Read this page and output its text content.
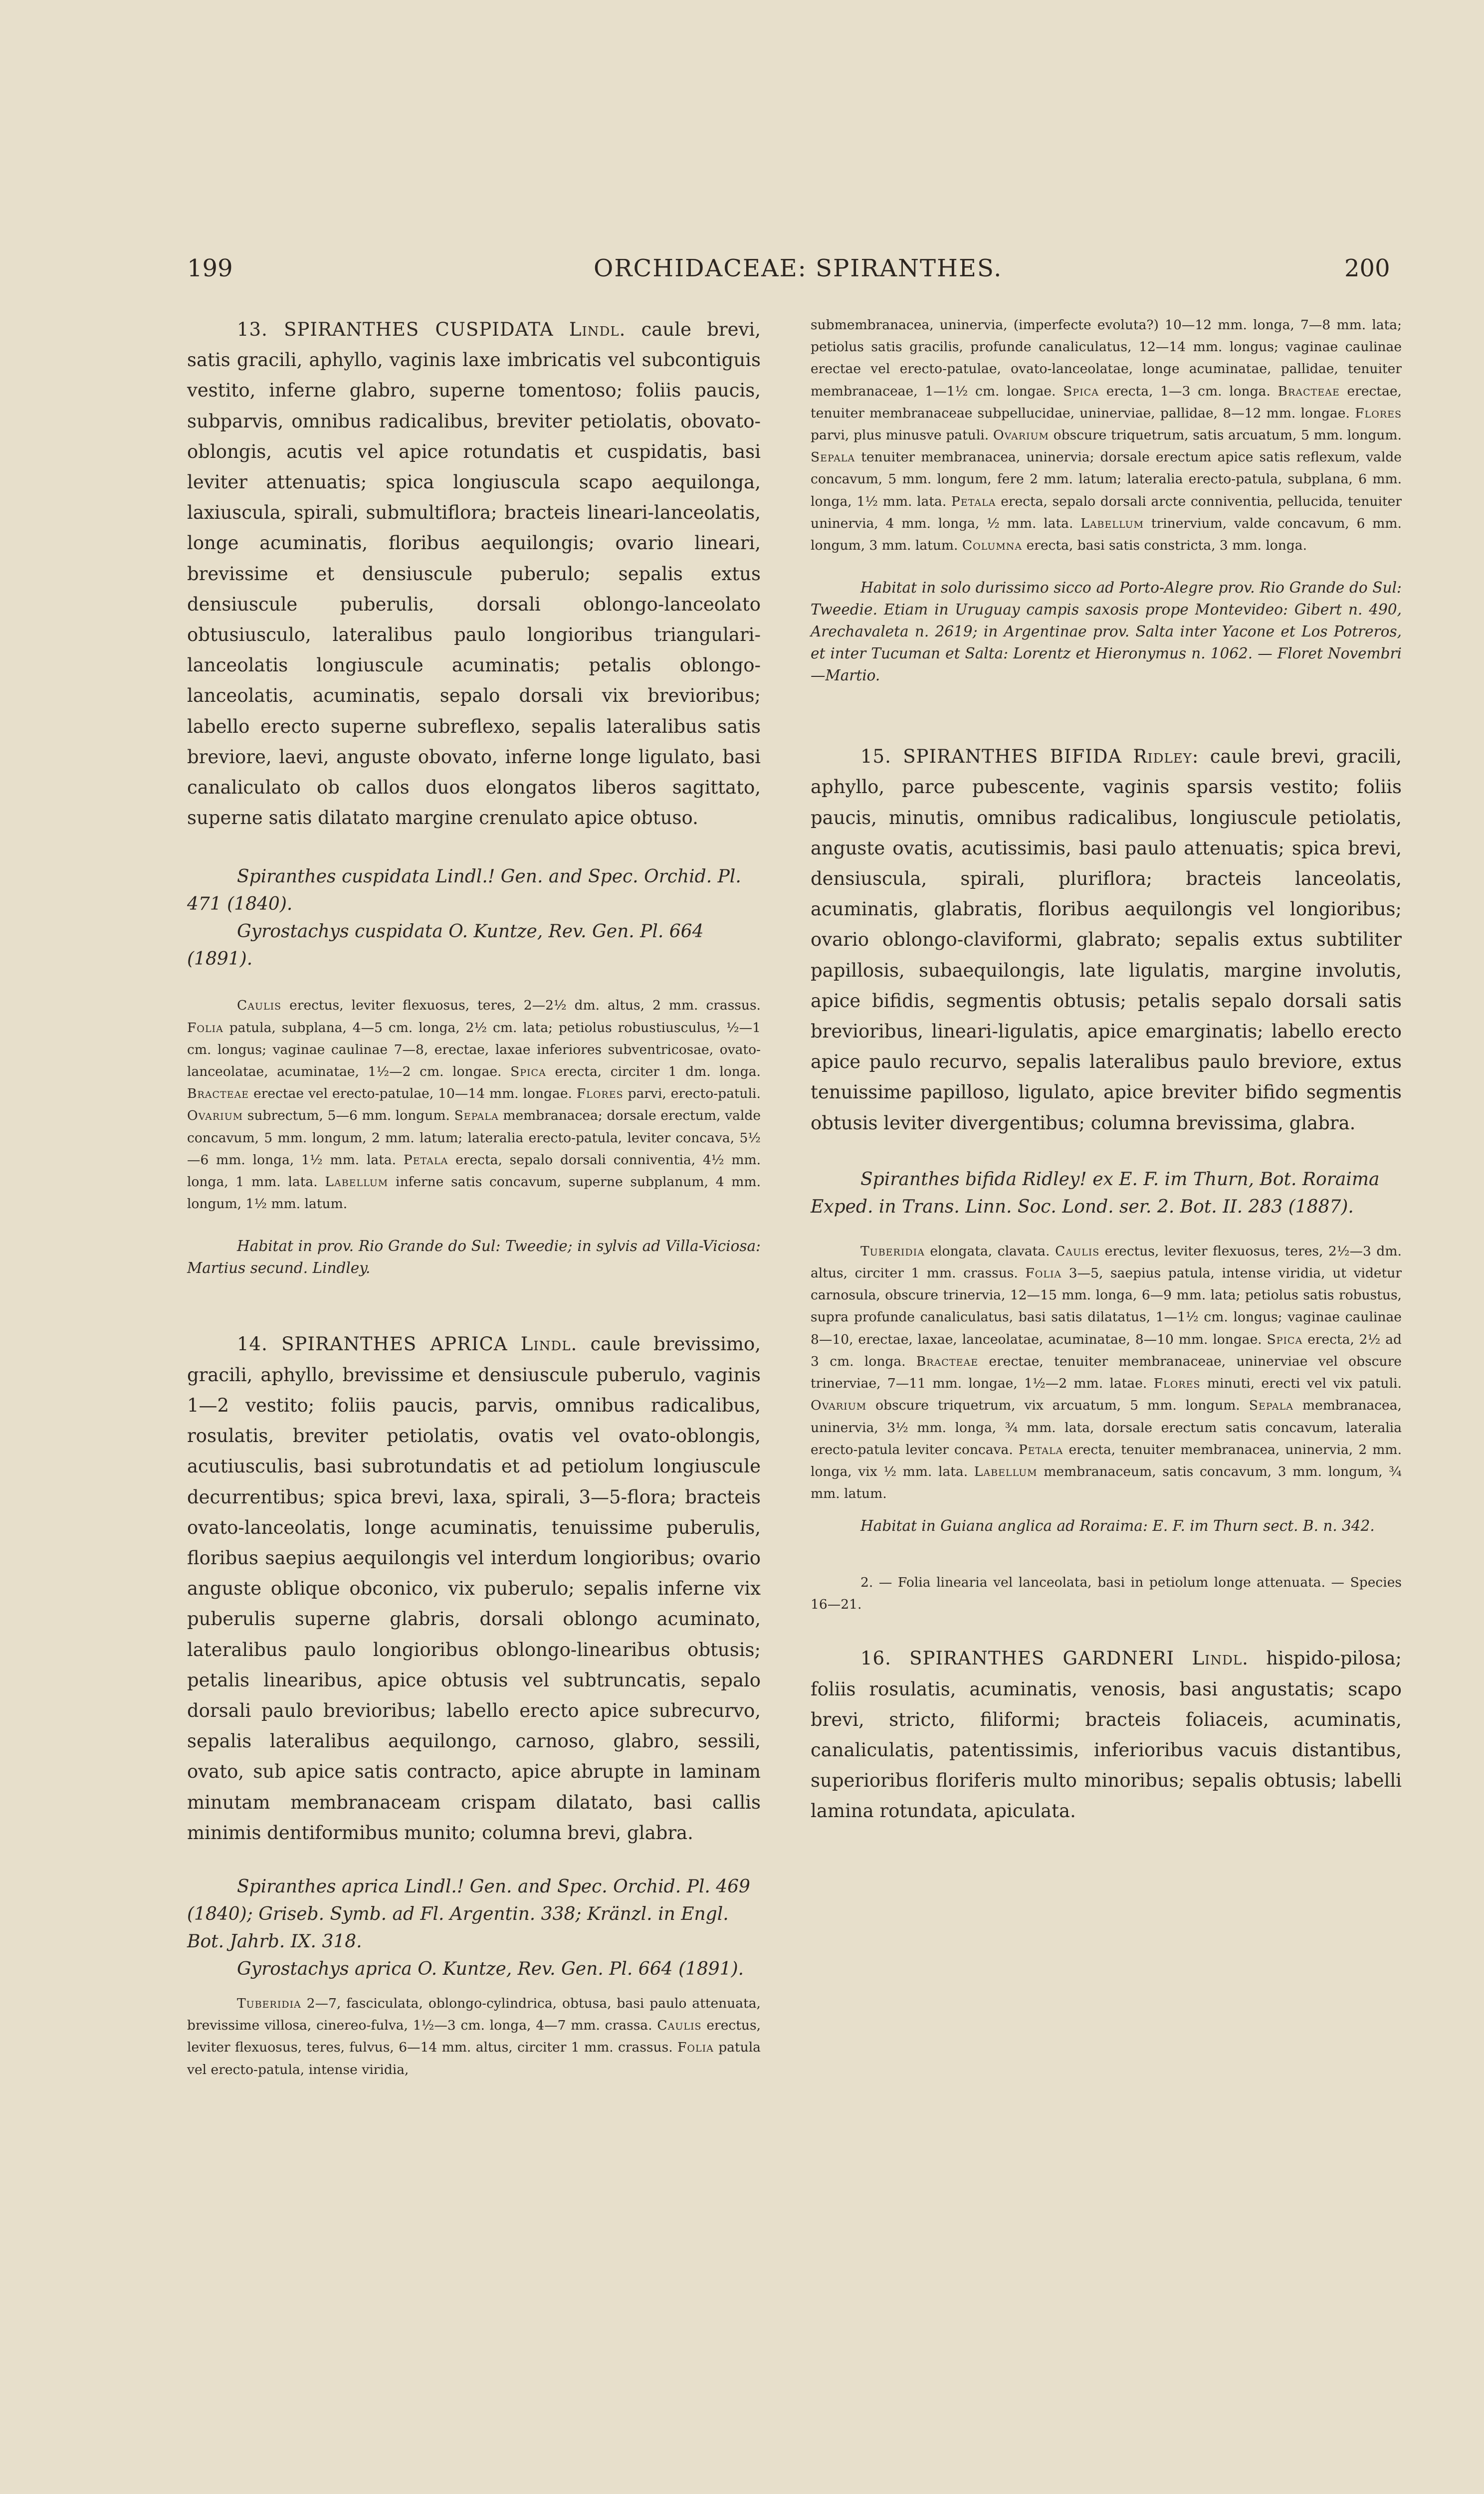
199	ORCHIDACEAE: SPIRANTHES.	200

13. SPIRANTHES CUSPIDATA Lindl. caule brevi, satis gracili, aphyllo, vaginis laxe imbricatis vel subcontiguis vestito, inferne glabro, superne tomentoso; foliis paucis, subparvis, omnibus radicalibus, breviter petiolatis, obovato-oblongis, acutis vel apice rotundatis et cuspidatis, basi leviter attenuatis; spica longiuscula scapo aequilonga, laxiuscula, spirali, submultiflora; bracteis lineari-lanceolatis, longe acuminatis, floribus aequilongis; ovario lineari, brevissime et densiuscule puberulo; sepalis extus densiuscule puberulis, dorsali oblongo-lanceolato obtusiusculo, lateralibus paulo longioribus triangulari-lanceolatis longiuscule acuminatis; petalis oblongo-lanceolatis, acuminatis, sepalo dorsali vix brevioribus; labello erecto superne subreflexo, sepalis lateralibus satis breviore, laevi, anguste obovato, inferne longe ligulato, basi canaliculato ob callos duos elongatos liberos sagittato, superne satis dilatato margine crenulato apice obtuso.

Spiranthes cuspidata Lindl.! Gen. and Spec. Orchid. Pl. 471 (1840).

Gyrostachys cuspidata O. Kuntze, Rev. Gen. Pl. 664 (1891).

Caulis erectus, leviter flexuosus, teres, 2—2½ dm. altus, 2 mm. crassus. Folia patula, subplana, 4—5 cm. longa, 2½ cm. lata; petiolus robustiusculus, ½—1 cm. longus; vaginae caulinae 7—8, erectae, laxae inferiores subventricosae, ovato-lanceolatae, acuminatae, 1½—2 cm. longae. Spica erecta, circiter 1 dm. longa. Bracteae erectae vel erecto-patulae, 10—14 mm. longae. Flores parvi, erecto-patuli. Ovarium subrectum, 5—6 mm. longum. Sepala membranacea; dorsale erectum, valde concavum, 5 mm. longum, 2 mm. latum; lateralia erecto-patula, leviter concava, 5½—6 mm. longa, 1½ mm. lata. Petala erecta, sepalo dorsali conniventia, 4½ mm. longa, 1 mm. lata. Labellum inferne satis concavum, superne subplanum, 4 mm. longum, 1½ mm. latum.

Habitat in prov. Rio Grande do Sul: Tweedie; in sylvis ad Villa-Viciosa: Martius secund. Lindley.

14. SPIRANTHES APRICA Lindl. caule brevissimo, gracili, aphyllo, brevissime et densiuscule puberulo, vaginis 1—2 vestito; foliis paucis, parvis, omnibus radicalibus, rosulatis, breviter petiolatis, ovatis vel ovato-oblongis, acutiusculis, basi subrotundatis et ad petiolum longiuscule decurrentibus; spica brevi, laxa, spirali, 3—5-flora; bracteis ovato-lanceolatis, longe acuminatis, tenuissime puberulis, floribus saepius aequilongis vel interdum longioribus; ovario anguste oblique obconico, vix puberulo; sepalis inferne vix puberulis superne glabris, dorsali oblongo acuminato, lateralibus paulo longioribus oblongo-linearibus obtusis; petalis linearibus, apice obtusis vel subtruncatis, sepalo dorsali paulo brevioribus; labello erecto apice subrecurvo, sepalis lateralibus aequilongo, carnoso, glabro, sessili, ovato, sub apice satis contracto, apice abrupte in laminam minutam membranaceam crispam dilatato, basi callis minimis dentiformibus munito; columna brevi, glabra.

Spiranthes aprica Lindl.! Gen. and Spec. Orchid. Pl. 469 (1840); Griseb. Symb. ad Fl. Argentin. 338; Kränzl. in Engl. Bot. Jahrb. IX. 318.

Gyrostachys aprica O. Kuntze, Rev. Gen. Pl. 664 (1891).

Tuberidia 2—7, fasciculata, oblongo-cylindrica, obtusa, basi paulo attenuata, brevissime villosa, cinereo-fulva, 1½—3 cm. longa, 4—7 mm. crassa. Caulis erectus, leviter flexuosus, teres, fulvus, 6—14 mm. altus, circiter 1 mm. crassus. Folia patula vel erecto-patula, intense viridia,

submembranacea, uninervia, (imperfecte evoluta?) 10—12 mm. longa, 7—8 mm. lata; petiolus satis gracilis, profunde canaliculatus, 12—14 mm. longus; vaginae caulinae erectae vel erecto-patulae, ovato-lanceolatae, longe acuminatae, pallidae, tenuiter membranaceae, 1—1½ cm. longae. Spica erecta, 1—3 cm. longa. Bracteae erectae, tenuiter membranaceae subpellucidae, uninerviae, pallidae, 8—12 mm. longae. Flores parvi, plus minusve patuli. Ovarium obscure triquetrum, satis arcuatum, 5 mm. longum. Sepala tenuiter membranacea, uninervia; dorsale erectum apice satis reflexum, valde concavum, 5 mm. longum, fere 2 mm. latum; lateralia erecto-patula, subplana, 6 mm. longa, 1½ mm. lata. Petala erecta, sepalo dorsali arcte conniventia, pellucida, tenuiter uninervia, 4 mm. longa, ½ mm. lata. Labellum trinervium, valde concavum, 6 mm. longum, 3 mm. latum. Columna erecta, basi satis constricta, 3 mm. longa.

Habitat in solo durissimo sicco ad Porto-Alegre prov. Rio Grande do Sul: Tweedie. Etiam in Uruguay campis saxosis prope Montevideo: Gibert n. 490, Arechavaleta n. 2619; in Argentinae prov. Salta inter Yacone et Los Potreros, et inter Tucuman et Salta: Lorentz et Hieronymus n. 1062. — Floret Novembri—Martio.

15. SPIRANTHES BIFIDA Ridley: caule brevi, gracili, aphyllo, parce pubescente, vaginis sparsis vestito; foliis paucis, minutis, omnibus radicalibus, longiuscule petiolatis, anguste ovatis, acutissimis, basi paulo attenuatis; spica brevi, densiuscula, spirali, pluriflora; bracteis lanceolatis, acuminatis, glabratis, floribus aequilongis vel longioribus; ovario oblongo-claviformi, glabrato; sepalis extus subtiliter papillosis, subaequilongis, late ligulatis, margine involutis, apice bifidis, segmentis obtusis; petalis sepalo dorsali satis brevioribus, lineari-ligulatis, apice emarginatis; labello erecto apice paulo recurvo, sepalis lateralibus paulo breviore, extus tenuissime papilloso, ligulato, apice breviter bifido segmentis obtusis leviter divergentibus; columna brevissima, glabra.

Spiranthes bifida Ridley! ex E. F. im Thurn, Bot. Roraima Exped. in Trans. Linn. Soc. Lond. ser. 2. Bot. II. 283 (1887).

Tuberidia elongata, clavata. Caulis erectus, leviter flexuosus, teres, 2½—3 dm. altus, circiter 1 mm. crassus. Folia 3—5, saepius patula, intense viridia, ut videtur carnosula, obscure trinervia, 12—15 mm. longa, 6—9 mm. lata; petiolus satis robustus, supra profunde canaliculatus, basi satis dilatatus, 1—1½ cm. longus; vaginae caulinae 8—10, erectae, laxae, lanceolatae, acuminatae, 8—10 mm. longae. Spica erecta, 2½ ad 3 cm. longa. Bracteae erectae, tenuiter membranaceae, uninerviae vel obscure trinerviae, 7—11 mm. longae, 1½—2 mm. latae. Flores minuti, erecti vel vix patuli. Ovarium obscure triquetrum, vix arcuatum, 5 mm. longum. Sepala membranacea, uninervia, 3½ mm. longa, ¾ mm. lata, dorsale erectum satis concavum, lateralia erecto-patula leviter concava. Petala erecta, tenuiter membranacea, uninervia, 2 mm. longa, vix ½ mm. lata. Labellum membranaceum, satis concavum, 3 mm. longum, ¾ mm. latum.

Habitat in Guiana anglica ad Roraima: E. F. im Thurn sect. B. n. 342.

2. — Folia linearia vel lanceolata, basi in petiolum longe attenuata. — Species 16—21.

16. SPIRANTHES GARDNERI Lindl. hispido-pilosa; foliis rosulatis, acuminatis, venosis, basi angustatis; scapo brevi, stricto, filiformi; bracteis foliaceis, acuminatis, canaliculatis, patentissimis, inferioribus vacuis distantibus, superioribus floriferis multo minoribus; sepalis obtusis; labelli lamina rotundata, apiculata.
